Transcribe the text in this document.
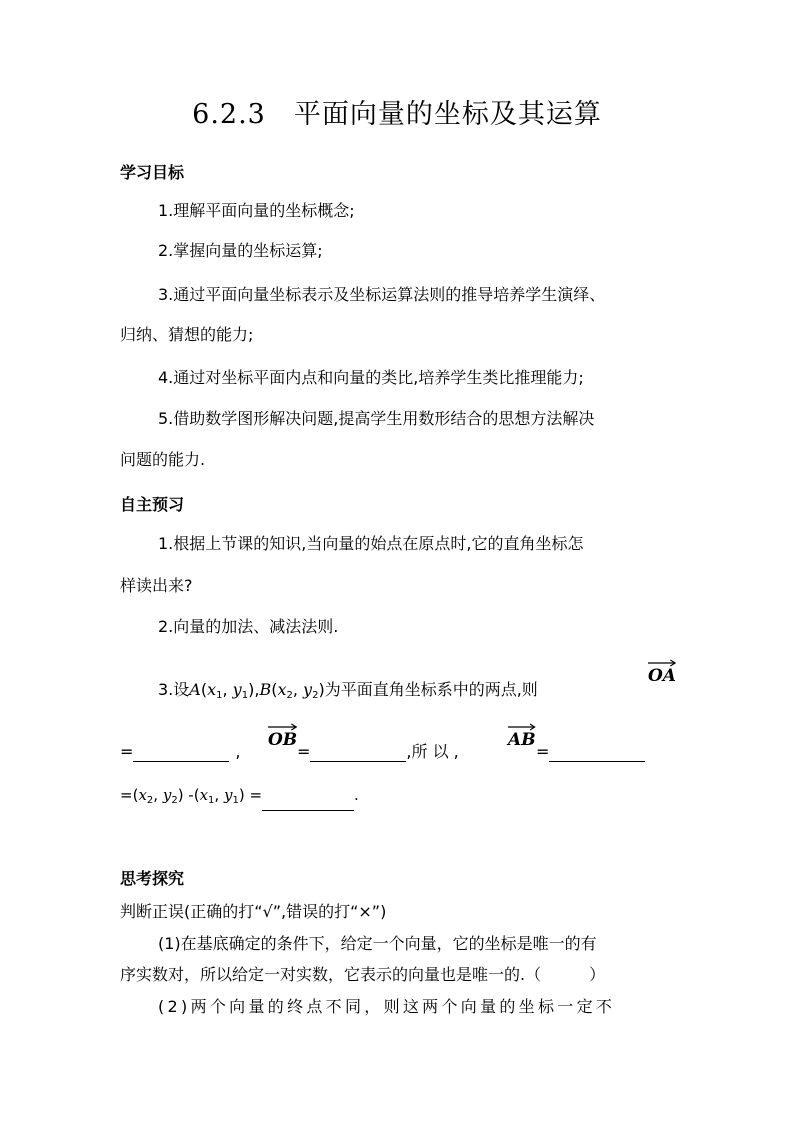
6.2.3　平面向量的坐标及其运算
学习目标
1.理解平面向量的坐标概念;
2.掌握向量的坐标运算;
3.通过平面向量坐标表示及坐标运算法则的推导培养学生演绎、
归纳、猜想的能力;
4.通过对坐标平面内点和向量的类比,培养学生类比推理能力;
5.借助数学图形解决问题,提高学生用数形结合的思想方法解决
问题的能力.
自主预习
1.根据上节课的知识,当向量的始点在原点时,它的直角坐标怎
样读出来?
2.向量的加法、减法法则.
3.设$A(x_1$, $y_1),B(x_2$, $y_2$)为平面直角坐标系中的两点,则
OA
=	,
OB
=	,所 以 ,
AB
=
$=(x_2$, $y_2$) $-(x_1$, $y_1$) =	.
思考探究
判断正误(正确的打“√”,错误的打“×”)
(1)在基底确定的条件下，给定一个向量，它的坐标是唯一的有
序实数对，所以给定一对实数，它表示的向量也是唯一的.（　　　）
(2)两个向量的终点不同，则这两个向量的坐标一定不
